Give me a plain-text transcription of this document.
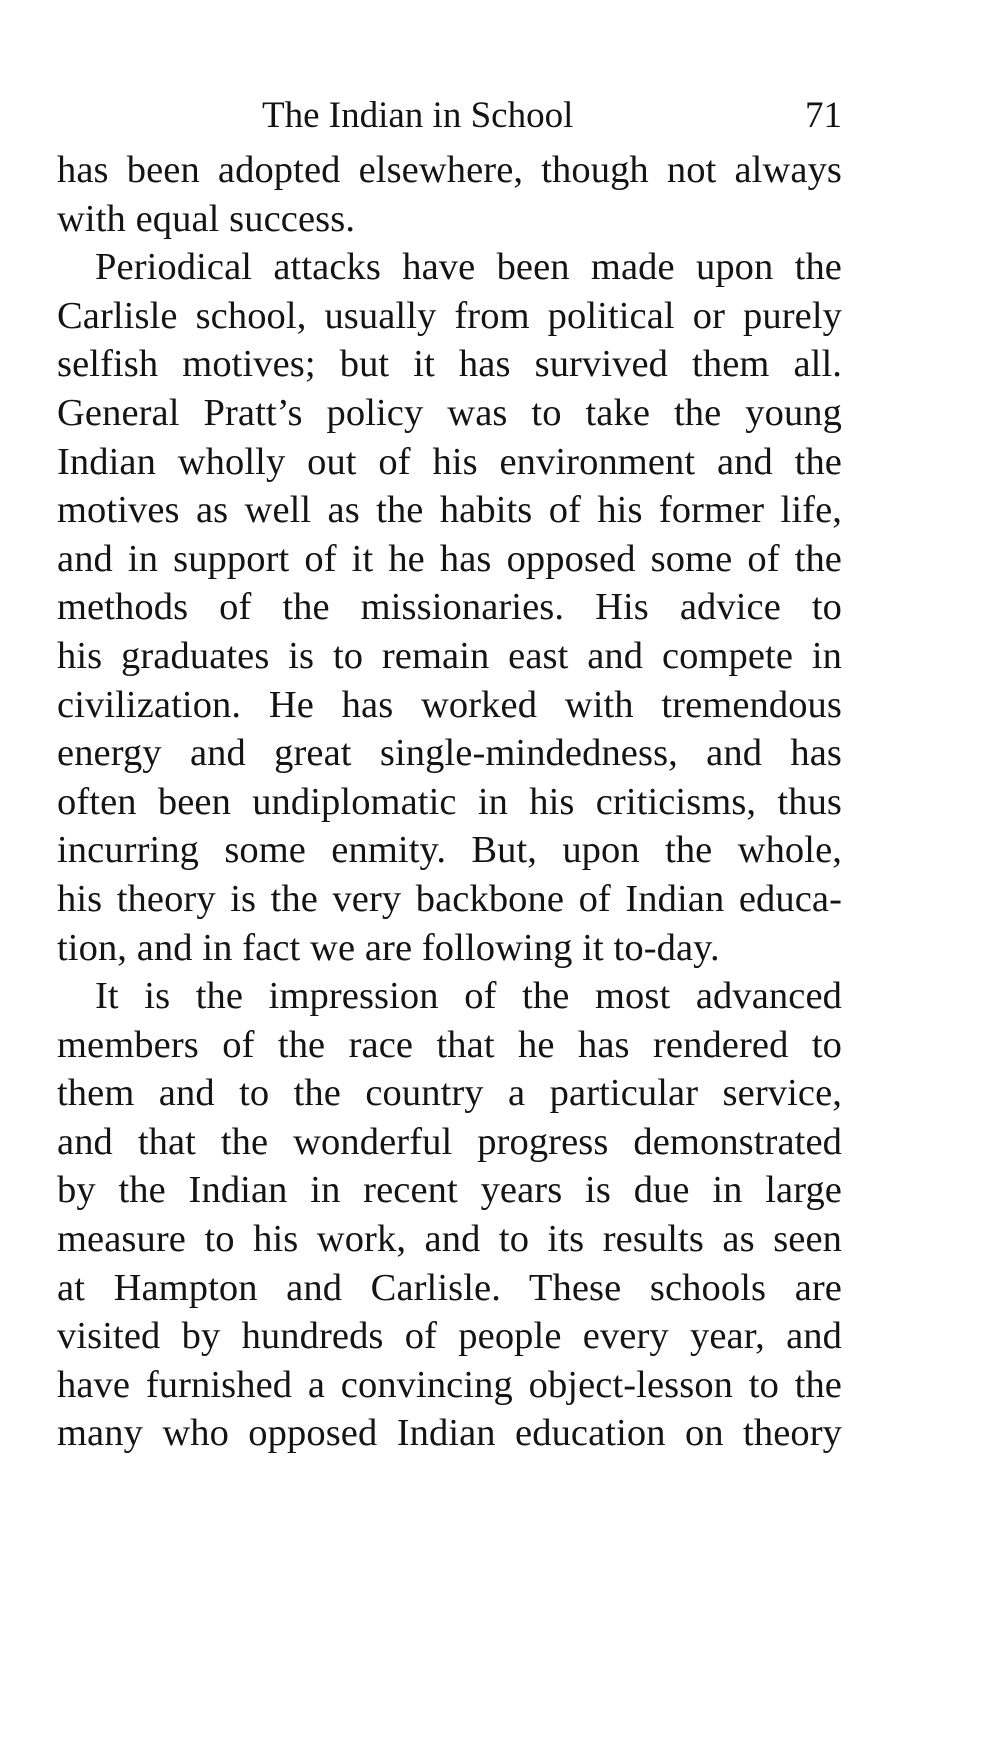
The Indian in School	71

has been adopted elsewhere, though not always
with equal success.

Periodical attacks have been made upon the
Carlisle school, usually from political or purely
selfish motives; but it has survived them all.
General Pratt’s policy was to take the young
Indian wholly out of his environment and the
motives as well as the habits of his former life,
and in support of it he has opposed some of the
methods of the missionaries. His advice to
his graduates is to remain east and compete in
civilization. He has worked with tremendous
energy and great single-mindedness, and has
often been undiplomatic in his criticisms, thus
incurring some enmity. But, upon the whole,
his theory is the very backbone of Indian educa-
tion, and in fact we are following it to-day.

It is the impression of the most advanced
members of the race that he has rendered to
them and to the country a particular service,
and that the wonderful progress demonstrated
by the Indian in recent years is due in large
measure to his work, and to its results as seen
at Hampton and Carlisle. These schools are
visited by hundreds of people every year, and
have furnished a convincing object-lesson to the
many who opposed Indian education on theory
